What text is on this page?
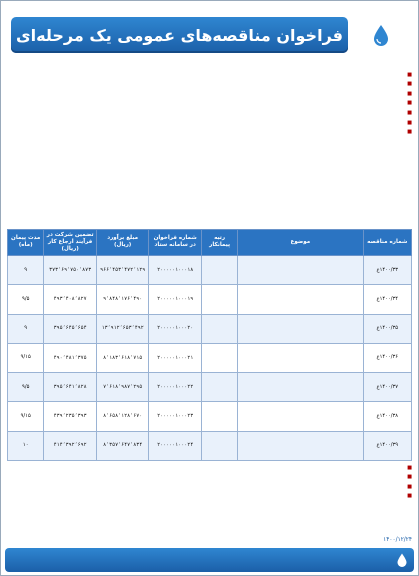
فراخوان مناقصه‌های عمومی یک مرحله‌ای

■

■

■

■

■

■

■

شماره مناقصه	موضوع	رتبه پیمانکار	شماره فراخوان در سامانه ستاد	مبلغ برآورد (ریال)	تضمین شرکت در فرآیند ارجاع کار (ریال)	مدت پیمان (ماه)
۱۴۰۰/۳۳ع			۲۰۰۰۰۰۱۰۰۰۱۸	۹۶۶٬۴۵۳٬۴۷۲٬۱۲۹	۳۷۳٬۶۹٬۷۵۰٬۸۷۳	۹
۱۴۰۰/۳۴ع			۲۰۰۰۰۰۱۰۰۰۱۹	۹٬۸۴۸٬۱۷۶٬۴۹۰	۴۹۳٬۴۰۸٬۸۲۷	۹/۵
۱۴۰۰/۳۵ع			۲۰۰۰۰۰۱۰۰۰۲۰	۱۳٬۹۱۲٬۶۵۳٬۴۹۲	۳۹۵٬۶۴۵٬۶۵۴	۹
۱۴۰۰/۳۶ع			۲۰۰۰۰۰۱۰۰۰۲۱	۸٬۱۸۳٬۶۱۸٬۷۱۵	۴۹۰٬۴۸۱٬۳۷۵	۹/۱۵
۱۴۰۰/۳۷ع			۲۰۰۰۰۰۱۰۰۰۲۲	۷٬۶۱۸٬۹۸۷٬۲۹۵	۳۹۵٬۶۴۱٬۸۲۸	۹/۵
۱۴۰۰/۳۸ع			۲۰۰۰۰۰۱۰۰۰۲۳	۸٬۶۵۸٬۱۲۸٬۶۷۰	۴۳۹٬۲۳۵٬۳۹۳	۹/۱۵
۱۴۰۰/۳۹ع			۲۰۰۰۰۰۱۰۰۰۲۴	۸٬۳۵۷٬۶۴۷٬۸۳۴	۴۱۴٬۳۹۲٬۶۹۲	۱۰

■

■

■

■

۱۴۰۰/۱۲/۲۴
